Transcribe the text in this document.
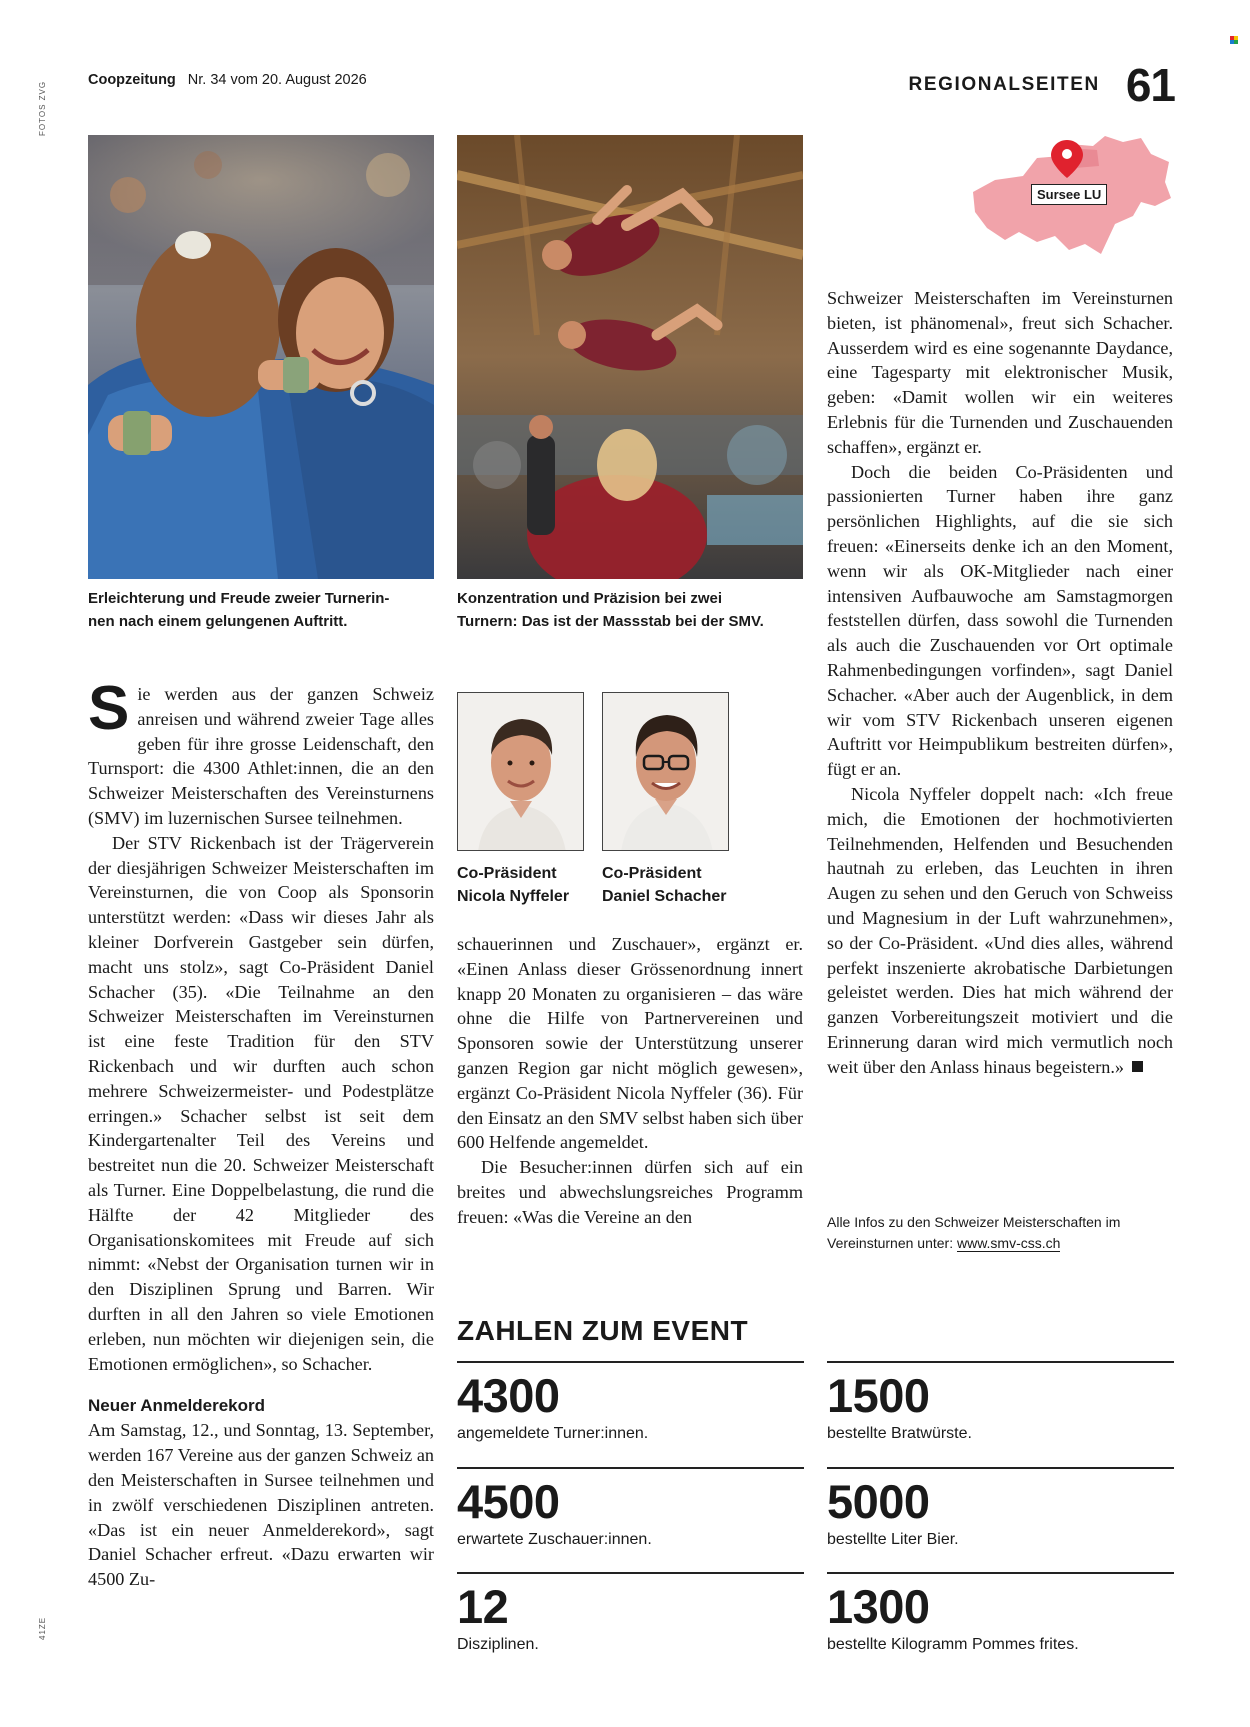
Coopzeitung Nr. 34 vom 20. August 2026	REGIONALSEITEN 61
FOTOS ZVG
41ZE
Erleichterung und Freude zweier Turnerin-
nen nach einem gelungenen Auftritt.
Konzentration und Präzision bei zwei
Turnern: Das ist der Massstab bei der SMV.
Sursee LU

Sie werden aus der ganzen Schweiz anreisen und während zweier Tage alles geben für ihre grosse Leidenschaft, den Turnsport: die 4300 Athlet:innen, die an den Schweizer Meisterschaften des Vereinsturnens (SMV) im luzernischen Sursee teilnehmen.

Der STV Rickenbach ist der Trägerverein der diesjährigen Schweizer Meisterschaften im Vereinsturnen, die von Coop als Sponsorin unterstützt werden: «Dass wir dieses Jahr als kleiner Dorfverein Gastgeber sein dürfen, macht uns stolz», sagt Co-Präsident Daniel Schacher (35). «Die Teilnahme an den Schweizer Meisterschaften im Vereinsturnen ist eine feste Tradition für den STV Rickenbach und wir durften auch schon mehrere Schweizermeister- und Podestplätze erringen.» Schacher selbst ist seit dem Kindergartenalter Teil des Vereins und bestreitet nun die 20. Schweizer Meisterschaft als Turner. Eine Doppelbelastung, die rund die Hälfte der 42 Mitglieder des Organisationskomitees mit Freude auf sich nimmt: «Nebst der Organisation turnen wir in den Disziplinen Sprung und Barren. Wir durften in all den Jahren so viele Emotionen erleben, nun möchten wir diejenigen sein, die Emotionen ermöglichen», so Schacher.

Neuer Anmelderekord

Am Samstag, 12., und Sonntag, 13. September, werden 167 Vereine aus der ganzen Schweiz an den Meisterschaften in Sursee teilnehmen und in zwölf verschiedenen Disziplinen antreten. «Das ist ein neuer Anmelderekord», sagt Daniel Schacher erfreut. «Dazu erwarten wir 4500 Zu-

Co-Präsident
Nicola Nyffeler
Co-Präsident
Daniel Schacher

schauerinnen und Zuschauer», ergänzt er. «Einen Anlass dieser Grössenordnung innert knapp 20 Monaten zu organisieren – das wäre ohne die Hilfe von Partnervereinen und Sponsoren sowie der Unterstützung unserer ganzen Region gar nicht möglich gewesen», ergänzt Co-Präsident Nicola Nyffeler (36). Für den Einsatz an den SMV selbst haben sich über 600 Helfende angemeldet.

Die Besucher:innen dürfen sich auf ein breites und abwechslungsreiches Programm freuen: «Was die Vereine an den

Schweizer Meisterschaften im Vereinsturnen bieten, ist phänomenal», freut sich Schacher. Ausserdem wird es eine sogenannte Daydance, eine Tagesparty mit elektronischer Musik, geben: «Damit wollen wir ein weiteres Erlebnis für die Turnenden und Zuschauenden schaffen», ergänzt er.

Doch die beiden Co-Präsidenten und passionierten Turner haben ihre ganz persönlichen Highlights, auf die sie sich freuen: «Einerseits denke ich an den Moment, wenn wir als OK-Mitglieder nach einer intensiven Aufbauwoche am Samstagmorgen feststellen dürfen, dass sowohl die Turnenden als auch die Zuschauenden vor Ort optimale Rahmenbedingungen vorfinden», sagt Daniel Schacher. «Aber auch der Augenblick, in dem wir vom STV Rickenbach unseren eigenen Auftritt vor Heimpublikum bestreiten dürfen», fügt er an.

Nicola Nyffeler doppelt nach: «Ich freue mich, die Emotionen der hochmotivierten Teilnehmenden, Helfenden und Besuchenden hautnah zu erleben, das Leuchten in ihren Augen zu sehen und den Geruch von Schweiss und Magnesium in der Luft wahrzunehmen», so der Co-Präsident. «Und dies alles, während perfekt inszenierte akrobatische Darbietungen geleistet werden. Dies hat mich während der ganzen Vorbereitungszeit motiviert und die Erinnerung daran wird mich vermutlich noch weit über den Anlass hinaus begeistern.»

Alle Infos zu den Schweizer Meisterschaften im Vereinsturnen unter: www.smv-css.ch
ZAHLEN ZUM EVENT
4300
angemeldete Turner:innen.
1500
bestellte Bratwürste.
4500
erwartete Zuschauer:innen.
5000
bestellte Liter Bier.
12
Disziplinen.
1300
bestellte Kilogramm Pommes frites.
